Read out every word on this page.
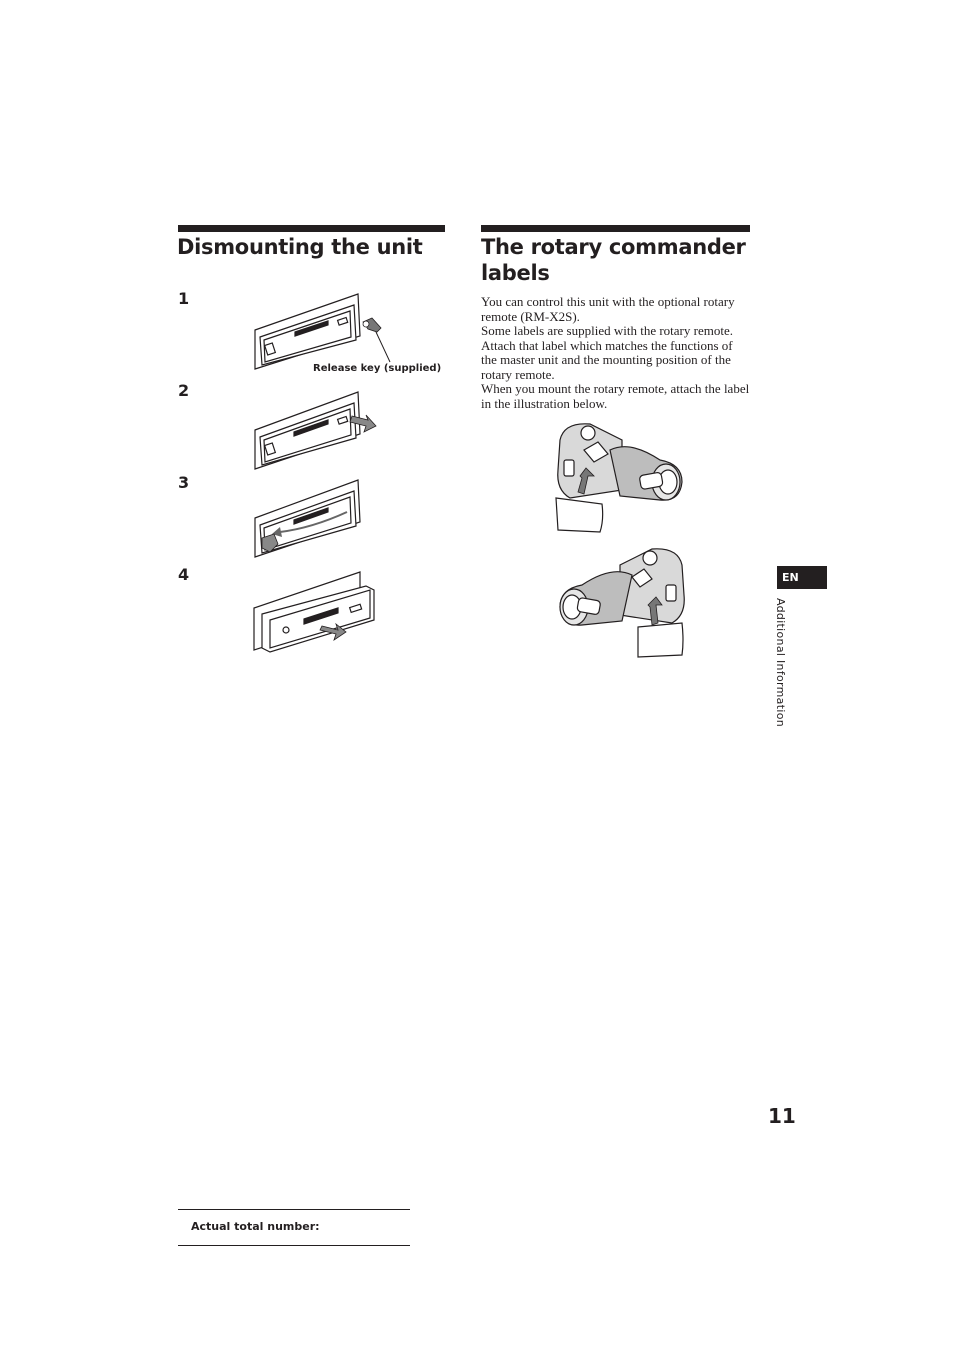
Dismounting the unit	The rotary commander
labels
1
2
3
4
Release key (supplied)
You can control this unit with the optional rotary remote (RM-X2S).
Some labels are supplied with the rotary remote. Attach that label which matches the functions of the master unit and the mounting position of the rotary remote.
When you mount the rotary remote, attach the label in the illustration below.
EN
Additional Information
11
Actual total number:
